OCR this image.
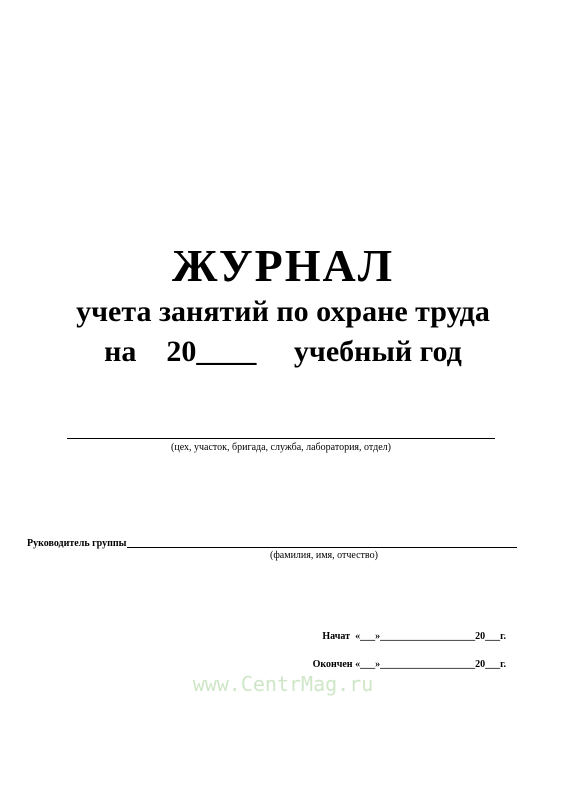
ЖУРНАЛ
учета занятий по охране труда
на    20____     учебный год
(цех, участок, бригада, служба, лаборатория, отдел)
Руководитель группы
(фамилия, имя, отчество)
Начат  «___»___________________20___г.
Окончен «___»___________________20___г.
www.CentrMag.ru
